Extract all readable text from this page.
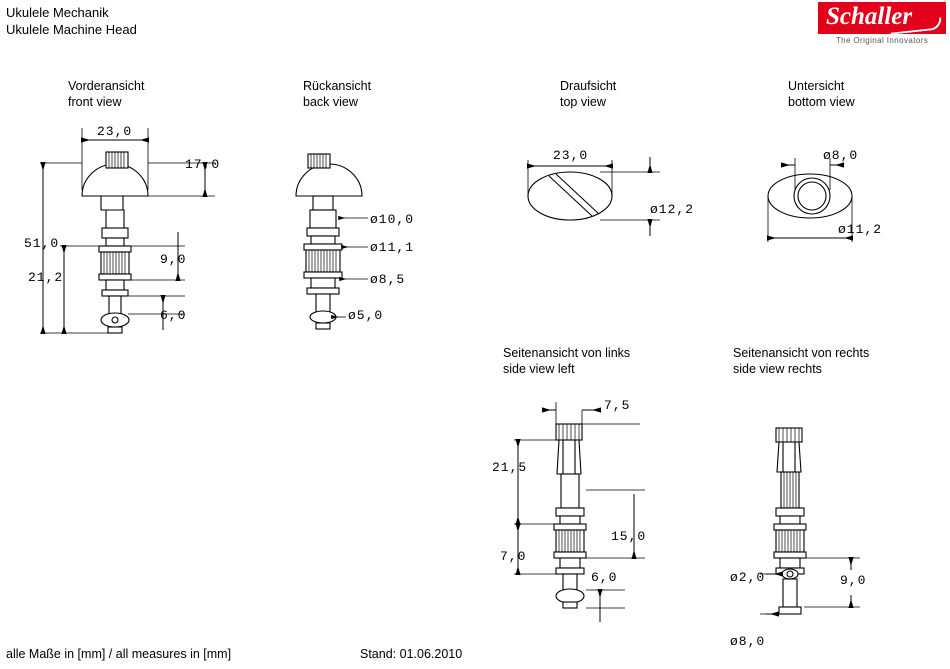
Ukulele Mechanik
Ukulele Machine Head	Schaller
The Original Innovators
Vorderansicht
front view
Rückansicht
back view
Draufsicht
top view
Untersicht
bottom view
Seitenansicht von links
side view left
Seitenansicht von rechts
side view rechts
23,0
17,0
51,0
9,0
21,2
6,0
ø10,0
ø11,1
ø8,5
ø5,0
23,0
ø12,2
ø8,0
ø11,2
7,5
21,5
15,0
7,0
6,0	ø2,0	9,0
ø8,0
alle Maße in [mm] / all measures in [mm]	Stand: 01.06.2010
